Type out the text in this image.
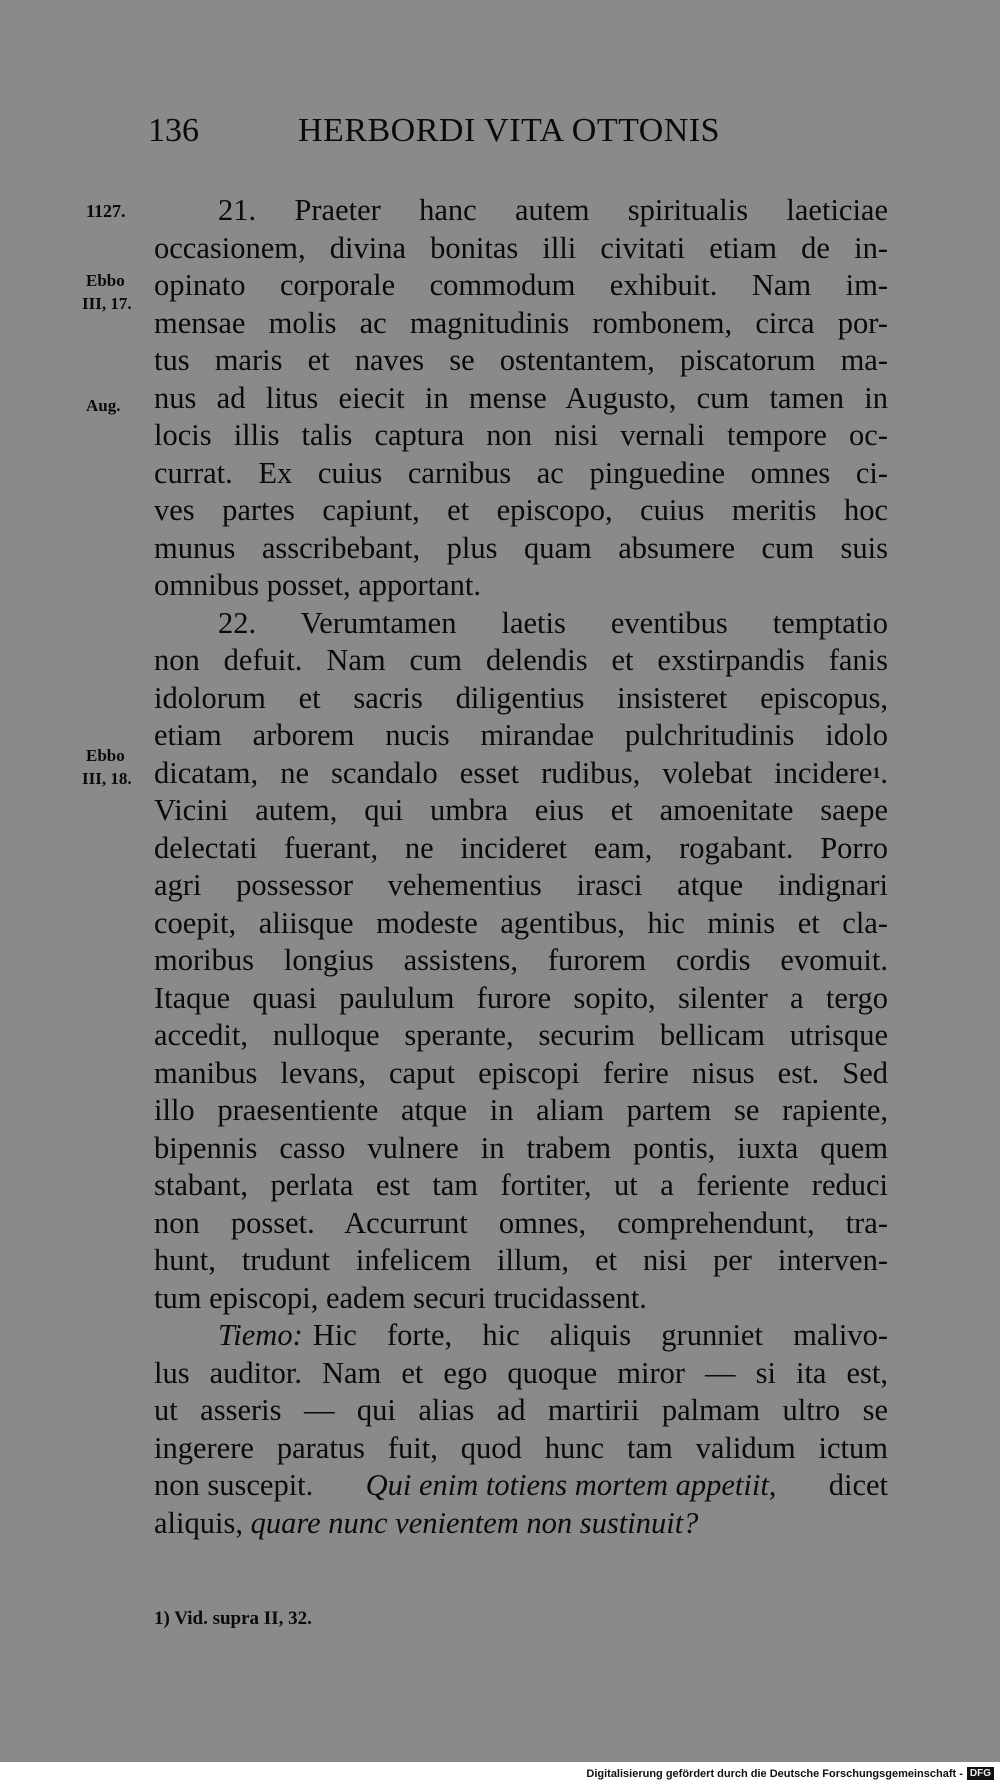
136	HERBORDI VITA OTTONIS
1127.
Ebbo
III, 17.
Aug.
Ebbo
III, 18.
21. Praeter hanc autem spiritualis laeticiae
occasionem, divina bonitas illi civitati etiam de in-
opinato corporale commodum exhibuit. Nam im-
mensae molis ac magnitudinis rombonem, circa por-
tus maris et naves se ostentantem, piscatorum ma-
nus ad litus eiecit in mense Augusto, cum tamen in
locis illis talis captura non nisi vernali tempore oc-
currat. Ex cuius carnibus ac pinguedine omnes ci-
ves partes capiunt, et episcopo, cuius meritis hoc
munus asscribebant, plus quam absumere cum suis
omnibus posset, apportant.
22. Verumtamen laetis eventibus temptatio
non defuit. Nam cum delendis et exstirpandis fanis
idolorum et sacris diligentius insisteret episcopus,
etiam arborem nucis mirandae pulchritudinis idolo
dicatam, ne scandalo esset rudibus, volebat incidere 1 .
Vicini autem, qui umbra eius et amoenitate saepe
delectati fuerant, ne incideret eam, rogabant. Porro
agri possessor vehementius irasci atque indignari
coepit, aliisque modeste agentibus, hic minis et cla-
moribus longius assistens, furorem cordis evomuit.
Itaque quasi paululum furore sopito, silenter a tergo
accedit, nulloque sperante, securim bellicam utrisque
manibus levans, caput episcopi ferire nisus est. Sed
illo praesentiente atque in aliam partem se rapiente,
bipennis casso vulnere in trabem pontis, iuxta quem
stabant, perlata est tam fortiter, ut a feriente reduci
non posset. Accurrunt omnes, comprehendunt, tra-
hunt, trudunt infelicem illum, et nisi per interven-
tum episcopi, eadem securi trucidassent.
Tiemo: Hic forte, hic aliquis grunniet malivo-
lus auditor. Nam et ego quoque miror — si ita est,
ut asseris — qui alias ad martirii palmam ultro se
ingerere paratus fuit, quod hunc tam validum ictum
non suscepit. Qui enim totiens mortem appetiit, dicet
aliquis, quare nunc venientem non sustinuit?
1) Vid. supra II, 32.
Digitalisierung gefördert durch die Deutsche Forschungsgemeinschaft - DFG
